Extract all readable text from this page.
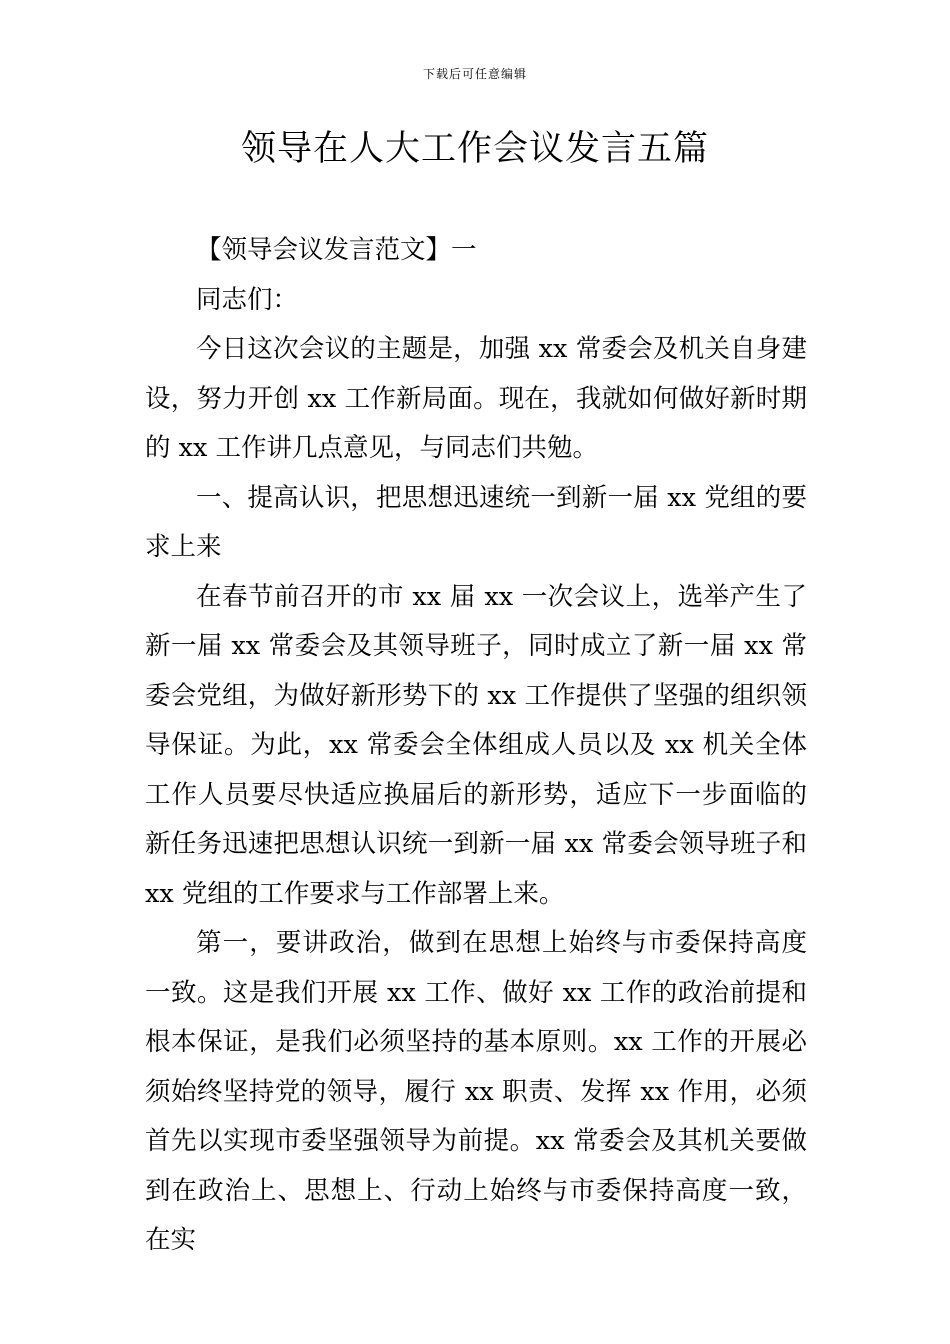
下载后可任意编辑
领导在人大工作会议发言五篇

【领导会议发言范文】一

同志们：

今日这次会议的主题是，加强 xx 常委会及机关自身建设，努力开创 xx 工作新局面。现在，我就如何做好新时期的 xx 工作讲几点意见，与同志们共勉。

一、提高认识，把思想迅速统一到新一届 xx 党组的要求上来

在春节前召开的市 xx 届 xx 一次会议上，选举产生了新一届 xx 常委会及其领导班子，同时成立了新一届 xx 常委会党组，为做好新形势下的 xx 工作提供了坚强的组织领导保证。为此，xx 常委会全体组成人员以及 xx 机关全体工作人员要尽快适应换届后的新形势，适应下一步面临的新任务迅速把思想认识统一到新一届 xx 常委会领导班子和 xx 党组的工作要求与工作部署上来。

第一，要讲政治，做到在思想上始终与市委保持高度一致。这是我们开展 xx 工作、做好 xx 工作的政治前提和根本保证，是我们必须坚持的基本原则。xx 工作的开展必须始终坚持党的领导，履行 xx 职责、发挥 xx 作用，必须首先以实现市委坚强领导为前提。xx 常委会及其机关要做到在政治上、思想上、行动上始终与市委保持高度一致，在实
